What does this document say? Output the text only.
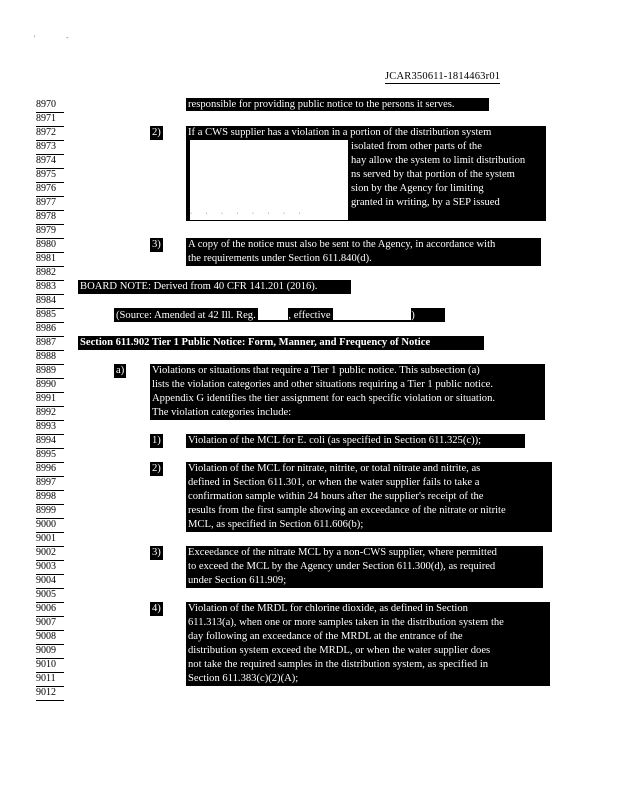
'	-
JCAR350611-1814463r01
8970
8971
8972
8973
8974
8975
8976
8977
8978
8979
8980
8981
8982
8983
8984
8985
8986
8987
8988
8989
8990
8991
8992
8993
8994
8995
8996
8997
8998
8999
9000
9001
9002
9003
9004
9005
9006
9007
9008
9009
9010
9011
9012
responsible for providing public notice to the persons it serves.
2)	If a CWS supplier has a violation in a portion of the distribution system
isolated from other parts of the
hay allow the system to limit distribution
ns served by that portion of the system
sion by the Agency for limiting
granted in writing, by a SEP issued
· · · · · · · ·
3)	A copy of the notice must also be sent to the Agency, in accordance with
the requirements under Section 611.840(d).
BOARD NOTE: Derived from 40 CFR 141.201 (2016).
(Source: Amended at 42 Ill. Reg.	, effective	)
Section 611.902 Tier 1 Public Notice: Form, Manner, and Frequency of Notice
a)	Violations or situations that require a Tier 1 public notice. This subsection (a)
lists the violation categories and other situations requiring a Tier 1 public notice.
Appendix G identifies the tier assignment for each specific violation or situation.
The violation categories include:
1)	Violation of the MCL for E. coli (as specified in Section 611.325(c));
2)	Violation of the MCL for nitrate, nitrite, or total nitrate and nitrite, as
defined in Section 611.301, or when the water supplier fails to take a
confirmation sample within 24 hours after the supplier's receipt of the
results from the first sample showing an exceedance of the nitrate or nitrite
MCL, as specified in Section 611.606(b);
3)	Exceedance of the nitrate MCL by a non-CWS supplier, where permitted
to exceed the MCL by the Agency under Section 611.300(d), as required
under Section 611.909;
4)	Violation of the MRDL for chlorine dioxide, as defined in Section
611.313(a), when one or more samples taken in the distribution system the
day following an exceedance of the MRDL at the entrance of the
distribution system exceed the MRDL, or when the water supplier does
not take the required samples in the distribution system, as specified in
Section 611.383(c)(2)(A);
